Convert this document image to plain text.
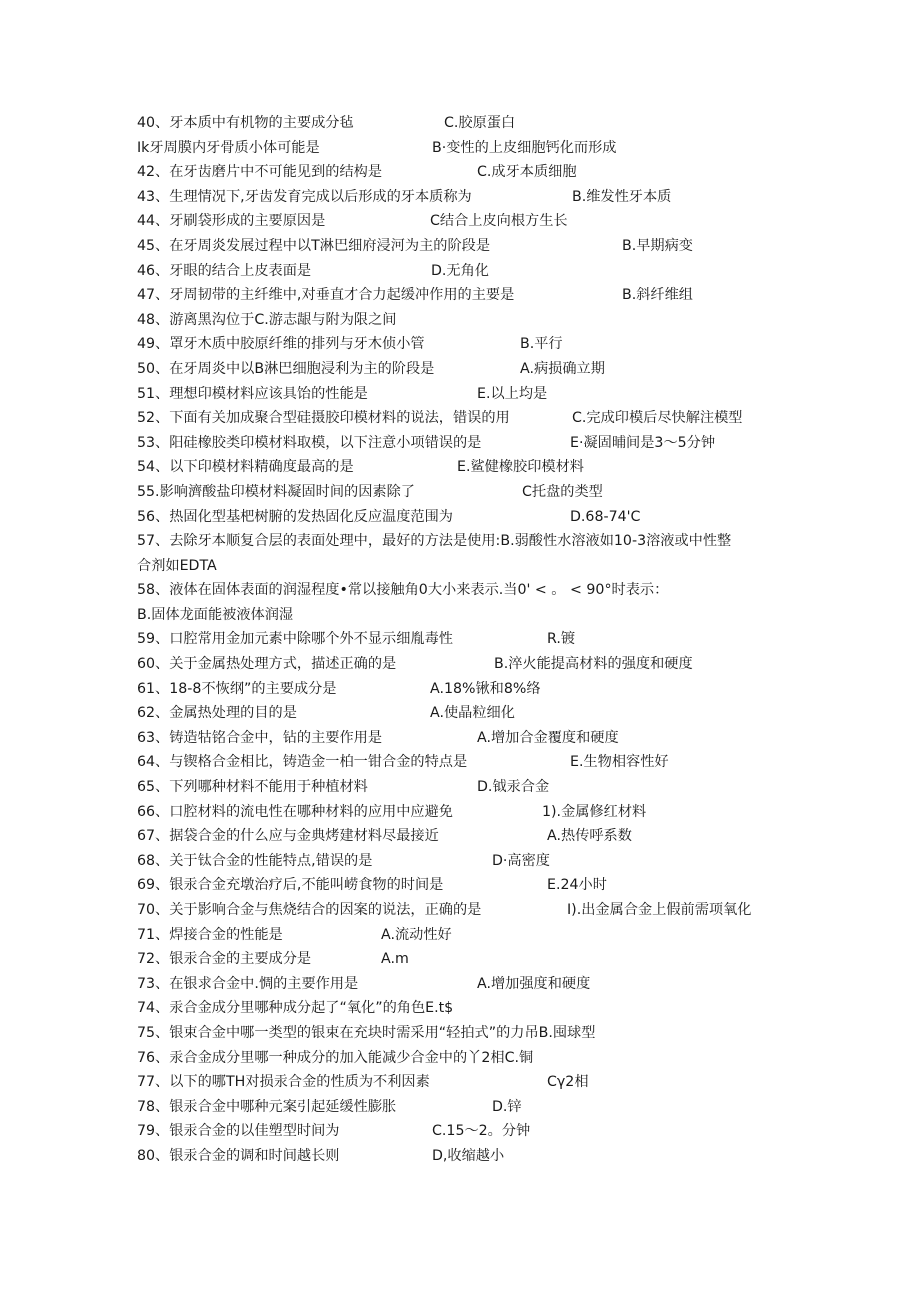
40、牙本质中有机物的主要成分毡	C.胶原蛋白
Ik牙周膜内牙骨质小体可能是	B·变性的上皮细胞钙化而形成
42、在牙齿磨片中不可能见到的结构是	C.成牙本质细胞
43、生理情况下,牙齿发育完成以后形成的牙本质称为	B.维发性牙本质
44、牙刷袋形成的主要原因是	C结合上皮向根方生长
45、在牙周炎发展过程中以T淋巴细府浸河为主的阶段是	B.早期病变
46、牙眼的结合上皮表面是	D.无角化
47、牙周韧带的主纤维中,对垂直才合力起缓冲作用的主要是	B.斜纤维组
48、游离黑沟位于C.游志龈与附为限之间
49、罩牙木质中胶原纤维的排列与牙木侦小管	B.平行
50、在牙周炎中以B淋巴细胞浸利为主的阶段是	A.病损确立期
51、理想印模材料应该具饴的性能是	E.以上均是
52、下面有关加成聚合型硅摄胶印模材料的说法，错误的用	C.完成印模后尽快解注模型
53、阳硅橡胶类印模材料取模，以下注意小项错误的是	E·凝固晡间是3〜5分钟
54、以下印模材料精确度最高的是	E.鲨健橡胶印模材料
55.影响濟酸盐印模材料凝固时间的因素除了	C托盘的类型
56、热固化型基杷树腑的发热固化反应温度范围为	D.68-74'C
57、去除牙本顺复合层的表面处理中，最好的方法是使用:B.弱酸性水溶液如10-3溶液或中性整
合剂如EDTA
58、液体在固体表面的润湿程度•常以接触角0大小来表示.当0' < 。 < 90°时表示：
B.固体龙面能被液体润湿
59、口腔常用金加元素中除哪个外不显示细胤毒性	R.镀
60、关于金属热处理方式，描述正确的是	B.淬火能提高材料的强度和硬度
61、18-8不恢纲”的主要成分是	A.18%锹和8%络
62、金属热处理的目的是	A.使晶粒细化
63、铸造牯铭合金中，钻的主要作用是	A.增加合金覆度和硬度
64、与锲格合金相比，铸造金一柏一钳合金的特点是	E.生物相容性好
65、下列哪种材料不能用于种植材料	D.钺汞合金
66、口腔材料的流电性在哪种材料的应用中应避免	1).金属修红材料
67、据袋合金的什么应与金典烤建材料尽最接近	A.热传呼系数
68、关于钛合金的性能特点,错误的是	D·高密度
69、银汞合金充墩治疗后,不能叫崂食物的时间是	E.24小时
70、关于影响合金与焦烧结合的因案的说法，正确的是	I).出金属合金上假前需项氧化
71、焊接合金的性能是	A.流动性好
72、银汞合金的主要成分是	A.m
73、在银求合金中.惆的主要作用是	A.增加强度和硬度
74、汞合金成分里哪种成分起了“氧化”的角色E.t$
75、银束合金中哪一类型的银束在充块时需采用“轻拍式”的力吊B.囤球型
76、汞合金成分里哪一种成分的加入能减少合金中的丫2相C.铜
77、以下的哪TH对损汞合金的性质为不利因素	Cγ2相
78、银汞合金中哪种元案引起延缓性膨胀	D.锌
79、银汞合金的以佳塑型时间为	C.15〜2。分钟
80、银汞合金的调和时间越长则	D,收缩越小
